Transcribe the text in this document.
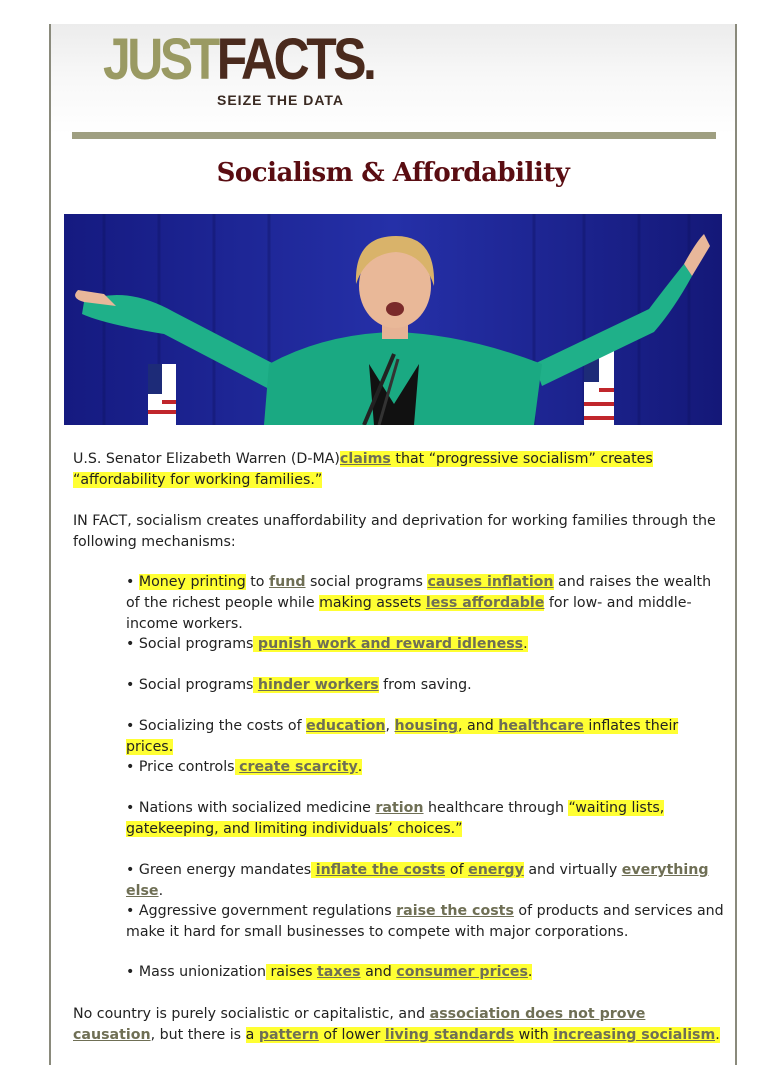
JUSTFACTS.
SEIZE THE DATA
Socialism & Affordability
U.S. Senator Elizabeth Warren (D-MA)claims that “progressive socialism” creates “affordability for working families.”
IN FACT, socialism creates unaffordability and deprivation for working families through the following mechanisms:
• Money printing to fund social programs causes inflation and raises the wealth of the richest people while making assets less affordable for low- and middle-income workers.
• Social programs punish work and reward idleness.
• Social programs hinder workers from saving.
• Socializing the costs of education, housing, and healthcare inflates their prices.
• Price controls create scarcity.
• Nations with socialized medicine ration healthcare through “waiting lists, gatekeeping, and limiting individuals’ choices.”
• Green energy mandates inflate the costs of energy and virtually everything else.
• Aggressive government regulations raise the costs of products and services and make it hard for small businesses to compete with major corporations.
• Mass unionization raises taxes and consumer prices.
No country is purely socialistic or capitalistic, and association does not prove causation, but there is a pattern of lower living standards with increasing socialism.
